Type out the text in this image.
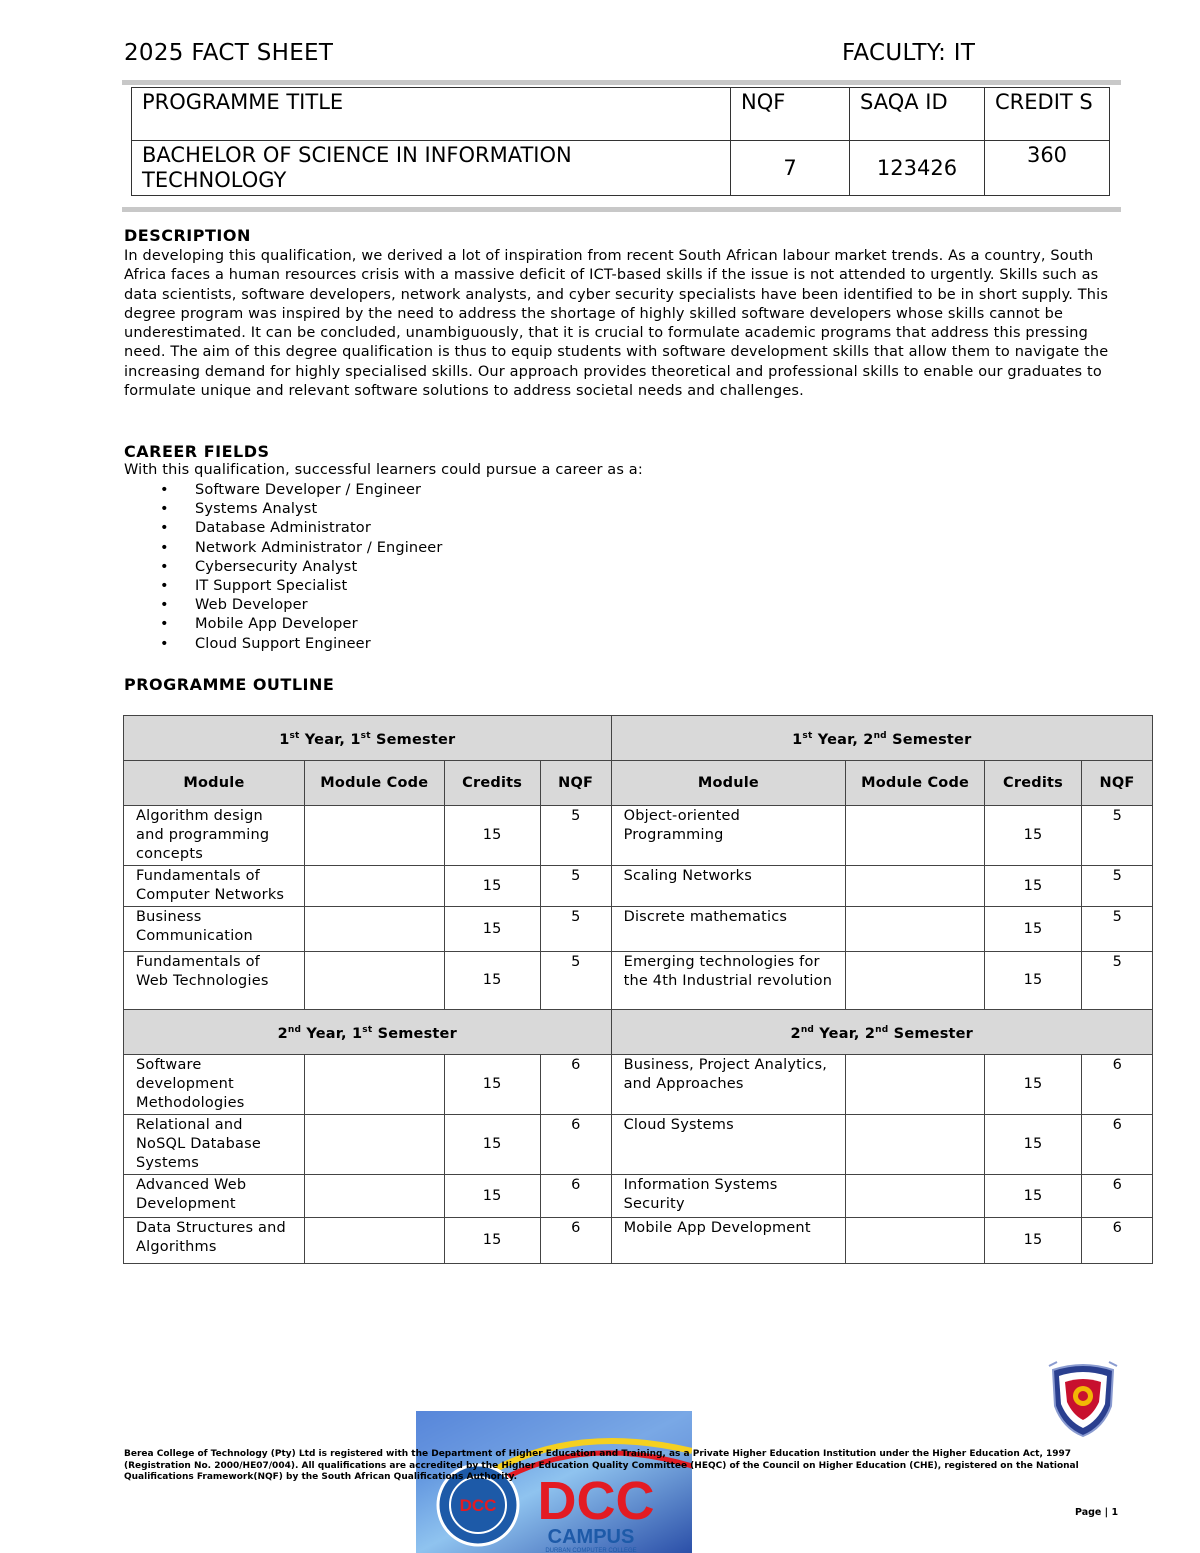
2025 FACT SHEET	FACULTY: IT
PROGRAMME TITLE	NQF	SAQA ID	CREDIT S
BACHELOR OF SCIENCE IN INFORMATION TECHNOLOGY	7	123426	360
DESCRIPTION

In developing this qualification, we derived a lot of inspiration from recent South African labour market trends. As a country, South Africa faces a human resources crisis with a massive deficit of ICT-based skills if the issue is not attended to urgently. Skills such as data scientists, software developers, network analysts, and cyber security specialists have been identified to be in short supply. This degree program was inspired by the need to address the shortage of highly skilled software developers whose skills cannot be underestimated. It can be concluded, unambiguously, that it is crucial to formulate academic programs that address this pressing need. The aim of this degree qualification is thus to equip students with software development skills that allow them to navigate the increasing demand for highly specialised skills. Our approach provides theoretical and professional skills to enable our graduates to formulate unique and relevant software solutions to address societal needs and challenges.

CAREER FIELDS
With this qualification, successful learners could pursue a career as a:
• Software Developer / Engineer
• Systems Analyst
• Database Administrator
• Network Administrator / Engineer
• Cybersecurity Analyst
• IT Support Specialist
• Web Developer
• Mobile App Developer
• Cloud Support Engineer
PROGRAMME OUTLINE
1st Year, 1st Semester				1st Year, 2nd Semester			
Module	Module Code	Credits	NQF	Module	Module Code	Credits	NQF
Algorithm design and programming concepts		15	5	Object-oriented Programming		15	5
Fundamentals of Computer Networks		15	5	Scaling Networks		15	5
Business Communication		15	5	Discrete mathematics		15	5
Fundamentals of Web Technologies		15	5	Emerging technologies for the 4th Industrial revolution		15	5
2nd Year, 1st Semester				2nd Year, 2nd Semester			
Software development Methodologies		15	6	Business, Project Analytics, and Approaches		15	6
Relational and NoSQL Database Systems		15	6	Cloud Systems		15	6
Advanced Web Development		15	6	Information Systems Security		15	6
Data Structures and Algorithms		15	6	Mobile App Development		15	6
DCC DCC
CAMPUS
DURBAN COMPUTER COLLEGE
Berea College of Technology (Pty) Ltd is registered with the Department of Higher Education and Training, as a Private Higher Education Institution under the Higher Education Act, 1997 (Registration No. 2000/HE07/004). All qualifications are accredited by the Higher Education Quality Committee (HEQC) of the Council on Higher Education (CHE), registered on the National Qualifications Framework(NQF) by the South African Qualifications Authority.
Page | 1
